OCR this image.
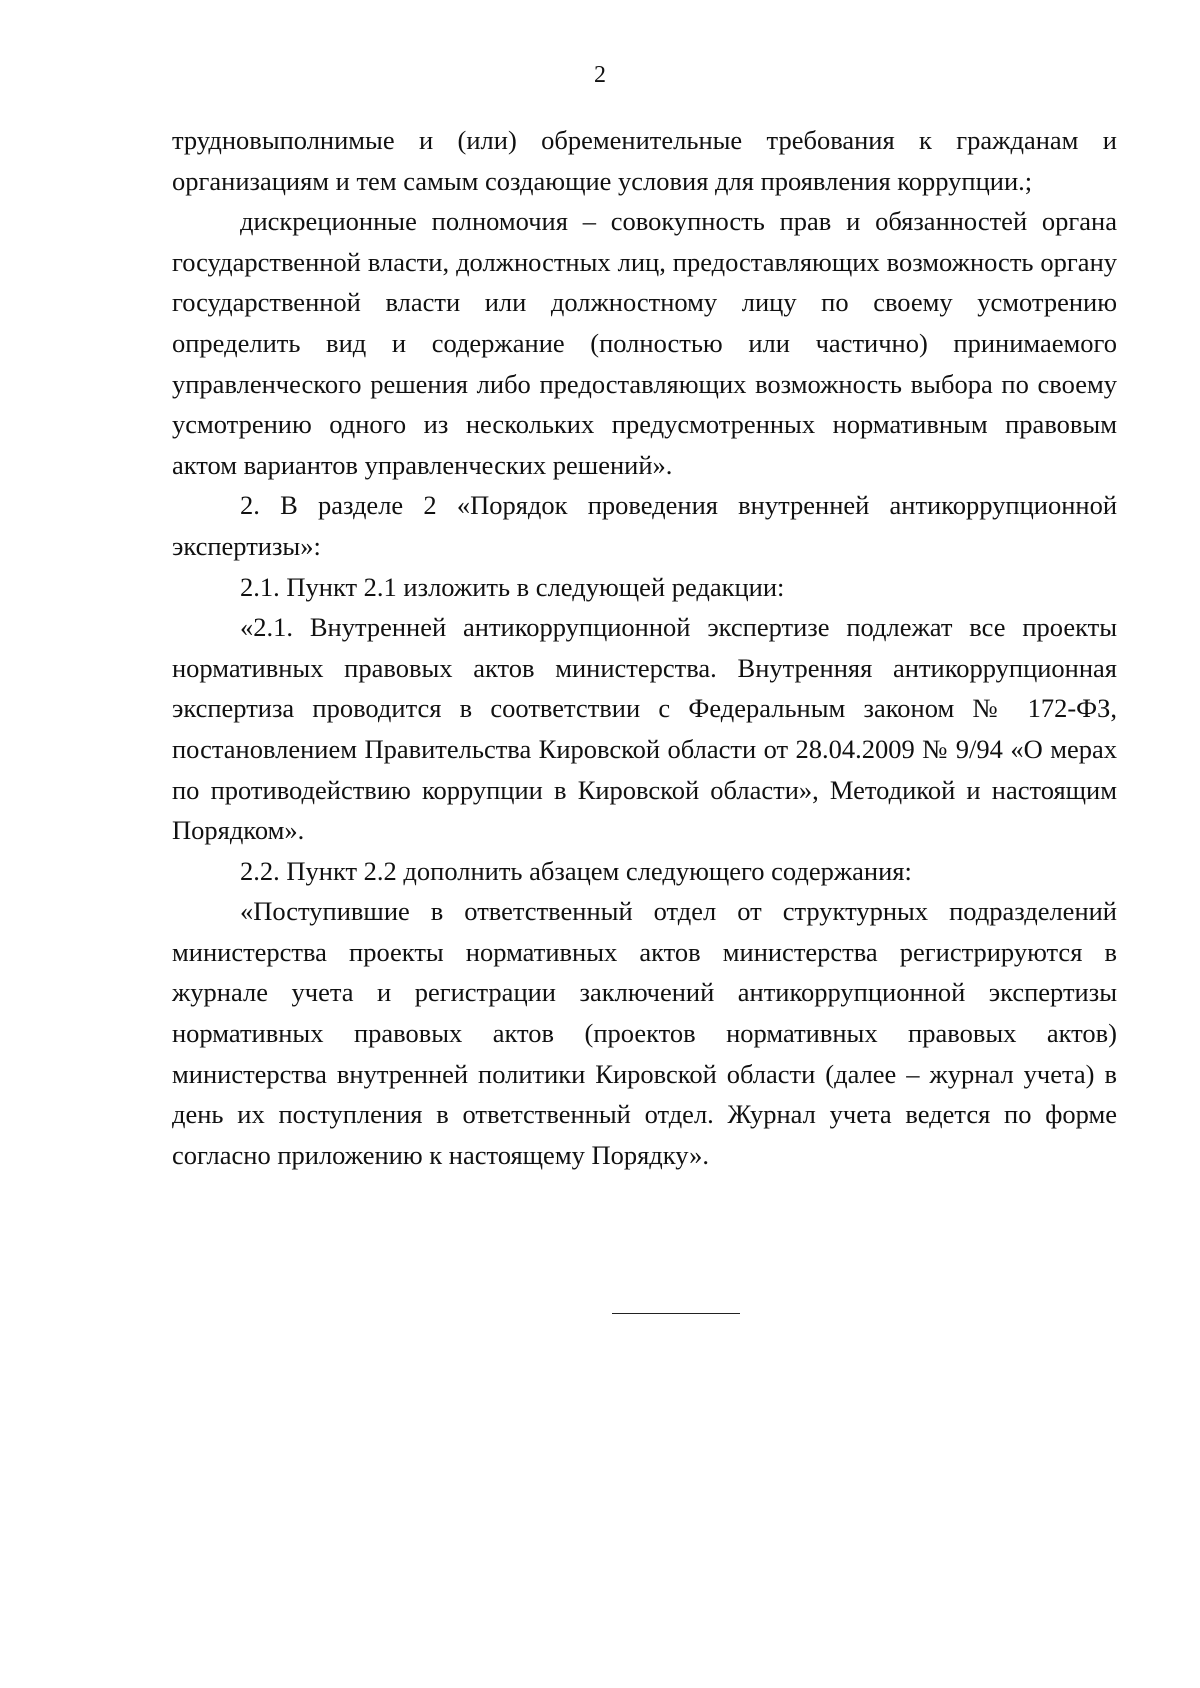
2

трудновыполнимые и (или) обременительные требования к гражданам и организациям и тем самым создающие условия для проявления коррупции.;

дискреционные полномочия – совокупность прав и обязанностей органа государственной власти, должностных лиц, предоставляющих возможность органу государственной власти или должностному лицу по своему усмотрению определить вид и содержание (полностью или частично) принимаемого управленческого решения либо предоставляющих возможность выбора по своему усмотрению одного из нескольких предусмотренных нормативным правовым актом вариантов управленческих решений».

2. В разделе 2 «Порядок проведения внутренней антикоррупционной экспертизы»:

2.1. Пункт 2.1 изложить в следующей редакции:

«2.1. Внутренней антикоррупционной экспертизе подлежат все проекты нормативных правовых актов министерства. Внутренняя антикоррупционная экспертиза проводится в соответствии с Федеральным законом № 172-ФЗ, постановлением Правительства Кировской области от 28.04.2009 № 9/94 «О мерах по противодействию коррупции в Кировской области», Методикой и настоящим Порядком».

2.2. Пункт 2.2 дополнить абзацем следующего содержания:

«Поступившие в ответственный отдел от структурных подразделений министерства проекты нормативных актов министерства регистрируются в журнале учета и регистрации заключений антикоррупционной экспертизы нормативных правовых актов (проектов нормативных правовых актов) министерства внутренней политики Кировской области (далее – журнал учета) в день их поступления в ответственный отдел. Журнал учета ведется по форме согласно приложению к настоящему Порядку».
